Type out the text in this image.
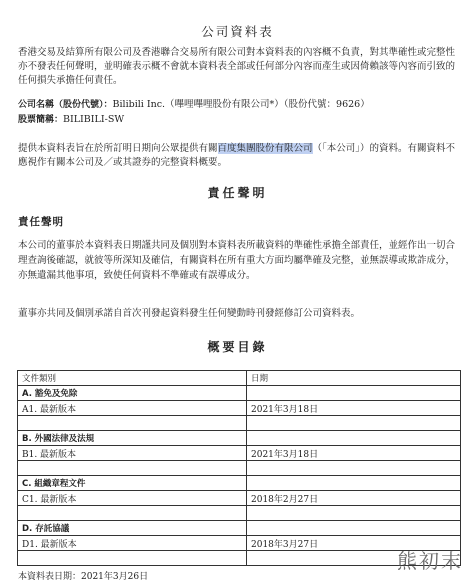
公司資料表
香港交易及結算所有限公司及香港聯合交易所有限公司對本資料表的內容概不負責，對其準確性或完整性亦不發表任何聲明，並明確表示概不會就本資料表全部或任何部分內容而產生或因倚賴該等內容而引致的任何損失承擔任何責任。
公司名稱（股份代號）：Bilibili Inc.（嗶哩嗶哩股份有限公司*）（股份代號：9626）
股票簡稱：BILIBILI-SW
提供本資料表旨在於所訂明日期向公眾提供有關百度集團股份有限公司（「本公司」）的資料。有關資料不應視作有關本公司及／或其證券的完整資料概要。
責任聲明
責任聲明
本公司的董事於本資料表日期謹共同及個別對本資料表所載資料的準確性承擔全部責任，並經作出一切合理查詢後確認，就彼等所深知及確信，有關資料在所有重大方面均屬準確及完整，並無誤導或欺詐成分，亦無遺漏其他事項，致使任何資料不準確或有誤導成分。
董事亦共同及個別承諾自首次刊發起資料發生任何變動時刊發經修訂公司資料表。
概要目錄
文件類別	日期
A. 豁免及免除	
A1. 最新版本	2021年3月18日

B. 外國法律及法規	
B1. 最新版本	2021年3月18日

C. 組織章程文件	
C1. 最新版本	2018年2月27日

D. 存託協議	
D1. 最新版本	2018年3月27日

本資料表日期：2021年3月26日
熊初末
